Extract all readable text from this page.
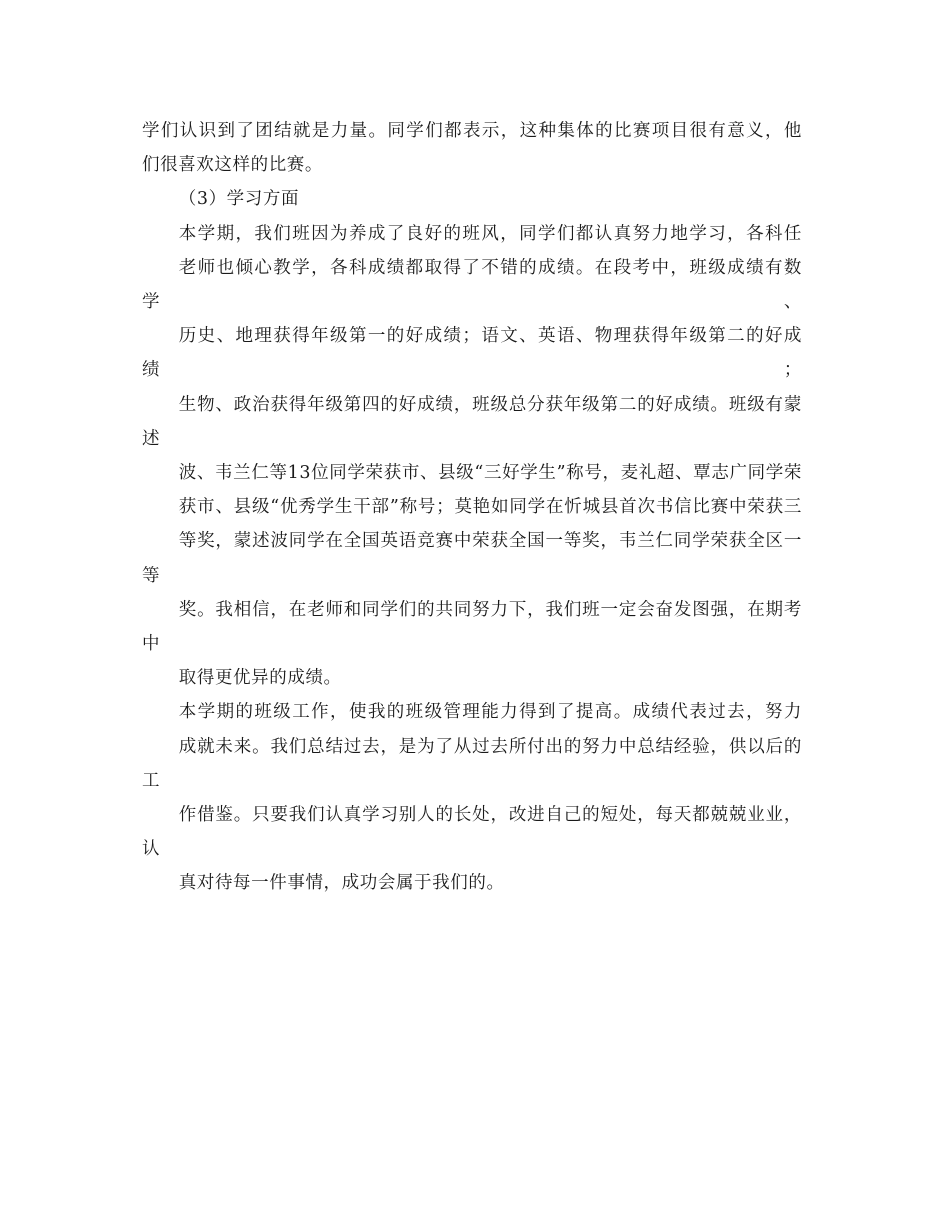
学们认识到了团结就是力量。同学们都表示，这种集体的比赛项目很有意义，他
们很喜欢这样的比赛。

（3）学习方面

本学期，我们班因为养成了良好的班风，同学们都认真努力地学习，各科任
老师也倾心教学，各科成绩都取得了不错的成绩。在段考中，班级成绩有数学、
历史、地理获得年级第一的好成绩；语文、英语、物理获得年级第二的好成绩；
生物、政治获得年级第四的好成绩，班级总分获年级第二的好成绩。班级有蒙述
波、韦兰仁等13位同学荣获市、县级“三好学生”称号，麦礼超、覃志广同学荣
获市、县级“优秀学生干部”称号；莫艳如同学在忻城县首次书信比赛中荣获三
等奖，蒙述波同学在全国英语竞赛中荣获全国一等奖，韦兰仁同学荣获全区一等
奖。我相信，在老师和同学们的共同努力下，我们班一定会奋发图强，在期考中
取得更优异的成绩。

本学期的班级工作，使我的班级管理能力得到了提高。成绩代表过去，努力
成就未来。我们总结过去，是为了从过去所付出的努力中总结经验，供以后的工
作借鉴。只要我们认真学习别人的长处，改进自己的短处，每天都兢兢业业，认
真对待每一件事情，成功会属于我们的。
